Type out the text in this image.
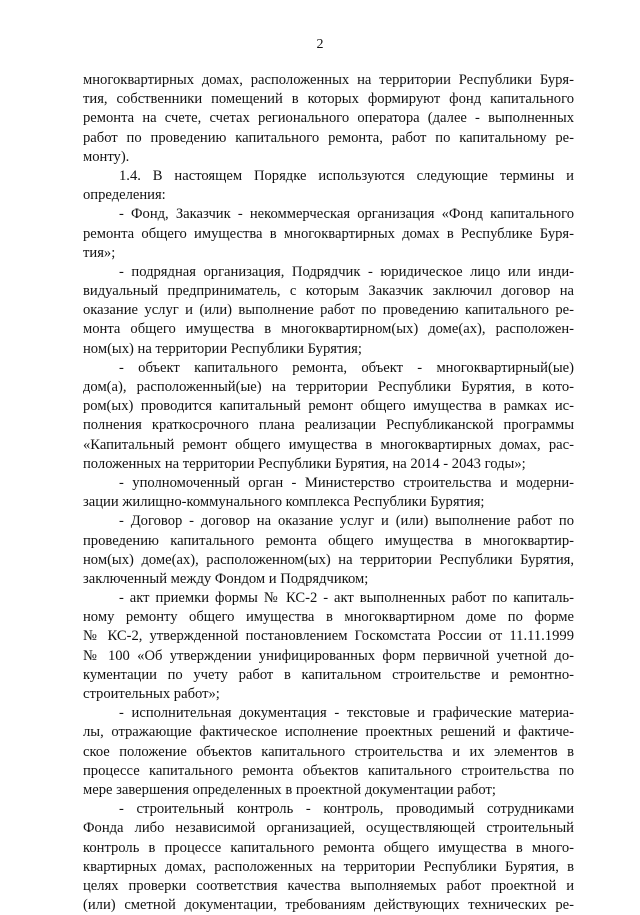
2
многоквартирных домах, расположенных на территории Республики Буря-
тия, собственники помещений в которых формируют фонд капитального
ремонта на счете, счетах регионального оператора (далее - выполненных
работ по проведению капитального ремонта, работ по капитальному ре-
монту).
1.4. В настоящем Порядке используются следующие термины и
определения:
- Фонд, Заказчик - некоммерческая организация «Фонд капитального
ремонта общего имущества в многоквартирных домах в Республике Буря-
тия»;
- подрядная организация, Подрядчик - юридическое лицо или инди-
видуальный предприниматель, с которым Заказчик заключил договор на
оказание услуг и (или) выполнение работ по проведению капитального ре-
монта общего имущества в многоквартирном(ых) доме(ах), расположен-
ном(ых) на территории Республики Бурятия;
- объект капитального ремонта, объект - многоквартирный(ые)
дом(а), расположенный(ые) на территории Республики Бурятия, в кото-
ром(ых) проводится капитальный ремонт общего имущества в рамках ис-
полнения краткосрочного плана реализации Республиканской программы
«Капитальный ремонт общего имущества в многоквартирных домах, рас-
положенных на территории Республики Бурятия, на 2014 - 2043 годы»;
- уполномоченный орган - Министерство строительства и модерни-
зации жилищно-коммунального комплекса Республики Бурятия;
- Договор - договор на оказание услуг и (или) выполнение работ по
проведению капитального ремонта общего имущества в многоквартир-
ном(ых) доме(ах), расположенном(ых) на территории Республики Бурятия,
заключенный между Фондом и Подрядчиком;
- акт приемки формы № КС-2 - акт выполненных работ по капиталь-
ному ремонту общего имущества в многоквартирном доме по форме
№ КС-2, утвержденной постановлением Госкомстата России от 11.11.1999
№ 100 «Об утверждении унифицированных форм первичной учетной до-
кументации по учету работ в капитальном строительстве и ремонтно-
строительных работ»;
- исполнительная документация - текстовые и графические материа-
лы, отражающие фактическое исполнение проектных решений и фактиче-
ское положение объектов капитального строительства и их элементов в
процессе капитального ремонта объектов капитального строительства по
мере завершения определенных в проектной документации работ;
- строительный контроль - контроль, проводимый сотрудниками
Фонда либо независимой организацией, осуществляющей строительный
контроль в процессе капитального ремонта общего имущества в много-
квартирных домах, расположенных на территории Республики Бурятия, в
целях проверки соответствия качества выполняемых работ проектной и
(или) сметной документации, требованиям действующих технических ре-
